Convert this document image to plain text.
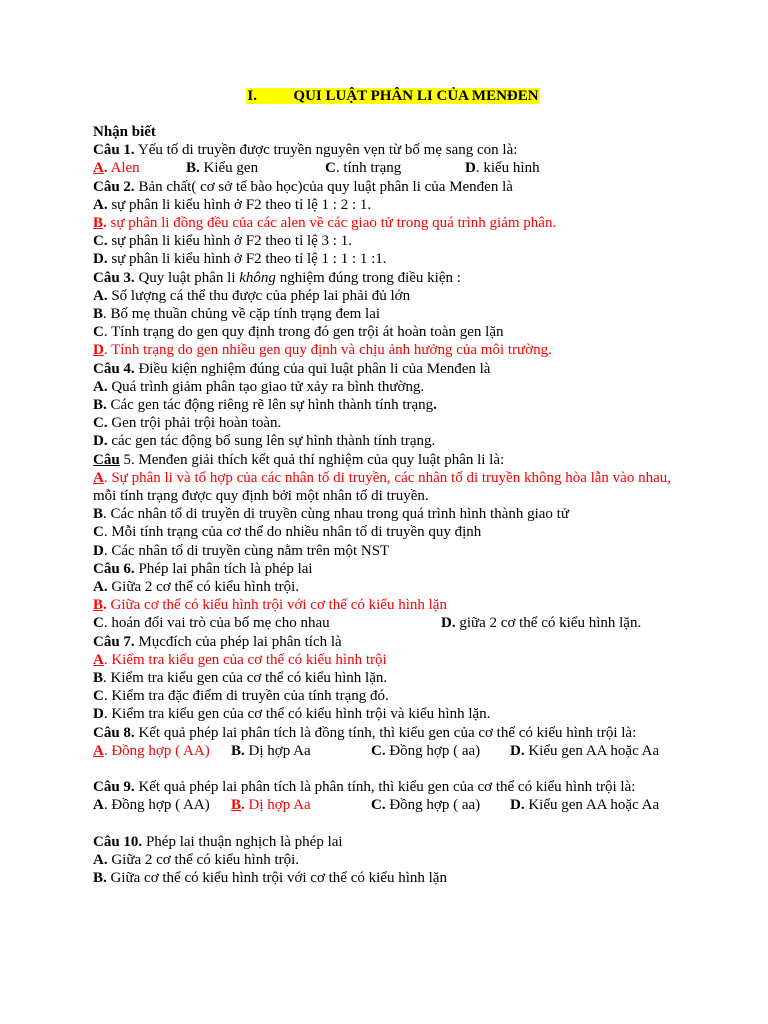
I. QUI LUẬT PHÂN LI CỦA MENĐEN
Nhận biết
Câu 1. Yếu tố di truyền được truyền nguyên vẹn từ bố mẹ sang con là:
A. Alen	B. Kiểu gen	C. tính trạng	D. kiểu hình
Câu 2. Bản chất( cơ sở tế bào học)của quy luật phân li của Menđen là
A. sự phân li kiểu hình ở F2 theo tỉ lệ 1 : 2 : 1.
B. sự phân li đồng đều của các alen về các giao tử trong quá trình giảm phân.
C. sự phân li kiểu hình ở F2 theo tỉ lệ 3 : 1.
D. sự phân li kiểu hình ở F2 theo tỉ lệ 1 : 1 : 1 :1.
Câu 3. Quy luật phân li không nghiệm đúng trong điều kiện :
A. Số lượng cá thể thu được của phép lai phải đủ lớn
B. Bố mẹ thuần chủng về cặp tính trạng đem lai
C. Tính trạng do gen quy định trong đó gen trội át hoàn toàn gen lặn
D. Tính trạng do gen nhiều gen quy định và chịu ảnh hưởng của môi trường.
Câu 4. Điều kiện nghiệm đúng của qui luật phân li của Menđen là
A. Quá trình giảm phân tạo giao tử xảy ra bình thường.
B. Các gen tác động riêng rẽ lên sự hình thành tính trạng.
C. Gen trội phải trội hoàn toàn.
D. các gen tác động bổ sung lên sự hình thành tính trạng.
Câu 5. Menđen giải thích kết quả thí nghiệm của quy luật phân li là:
A. Sự phân li và tổ hợp của các nhân tố di truyền, các nhân tố di truyền không hòa lẫn vào nhau, mỗi tính trạng được quy định bởi một nhân tố di truyền.
B. Các nhân tố di truyền di truyền cùng nhau trong quá trình hình thành giao tử
C. Mỗi tính trạng của cơ thể do nhiều nhân tố di truyền quy định
D. Các nhân tố di truyền cùng nằm trên một NST
Câu 6. Phép lai phân tích là phép lai
A. Giữa 2 cơ thể có kiểu hình trội.
B. Giữa cơ thể có kiểu hình trội với cơ thể có kiểu hình lặn
C. hoán đổi vai trò của bố mẹ cho nhau	D. giữa 2 cơ thể có kiểu hình lặn.
Câu 7. Mụcđích của phép lai phân tích là
A. Kiểm tra kiểu gen của cơ thể có kiểu hình trội
B. Kiểm tra kiểu gen của cơ thể có kiểu hình lặn.
C. Kiểm tra đặc điểm di truyền của tính trạng đó.
D. Kiểm tra kiểu gen của cơ thể có kiểu hình trội và kiểu hình lặn.
Câu 8. Kết quả phép lai phân tích là đồng tính, thì kiểu gen của cơ thể có kiểu hình trội là:
A. Đồng hợp ( AA) B. Dị hợp Aa	C. Đồng hợp ( aa) D. Kiểu gen AA hoặc Aa
Câu 9. Kết quả phép lai phân tích là phân tính, thì kiểu gen của cơ thể có kiểu hình trội là:
A. Đồng hợp ( AA) B. Dị hợp Aa	C. Đồng hợp ( aa) D. Kiểu gen AA hoặc Aa
Câu 10. Phép lai thuận nghịch là phép lai
A. Giữa 2 cơ thể có kiểu hình trội.
B. Giữa cơ thể có kiểu hình trội với cơ thể có kiểu hình lặn
